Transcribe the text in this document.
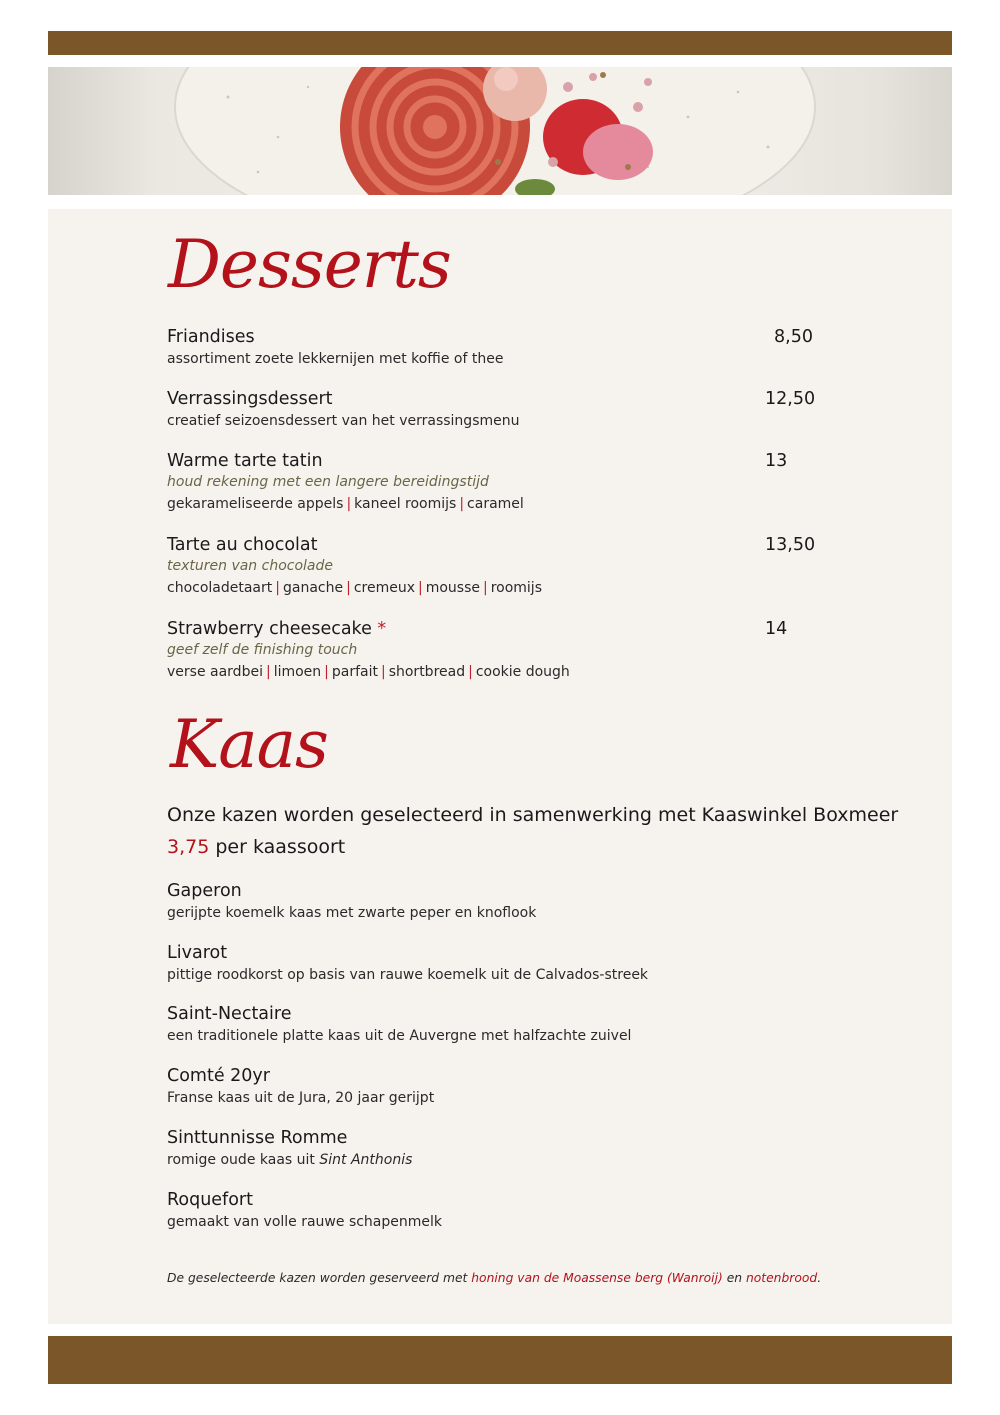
Desserts
Friandises
assortiment zoete lekkernijen met koffie of thee
8,50
Verrassingsdessert
creatief seizoensdessert van het verrassingsmenu
12,50
Warme tarte tatin
houd rekening met een langere bereidingstijd
gekarameliseerde appels | kaneel roomijs | caramel
13
Tarte au chocolat
texturen van chocolade
chocoladetaart | ganache | cremeux | mousse | roomijs
13,50
Strawberry cheesecake *
geef zelf de finishing touch
verse aardbei | limoen | parfait | shortbread | cookie dough
14
Kaas
Onze kazen worden geselecteerd in samenwerking met Kaaswinkel Boxmeer
3,75 per kaassoort
Gaperon
gerijpte koemelk kaas met zwarte peper en knoflook
Livarot
pittige roodkorst op basis van rauwe koemelk uit de Calvados-streek
Saint-Nectaire
een traditionele platte kaas uit de Auvergne met halfzachte zuivel
Comté 20yr
Franse kaas uit de Jura, 20 jaar gerijpt
Sinttunnisse Romme
romige oude kaas uit Sint Anthonis
Roquefort
gemaakt van volle rauwe schapenmelk
De geselecteerde kazen worden geserveerd met honing van de Moassense berg (Wanroij) en notenbrood.
